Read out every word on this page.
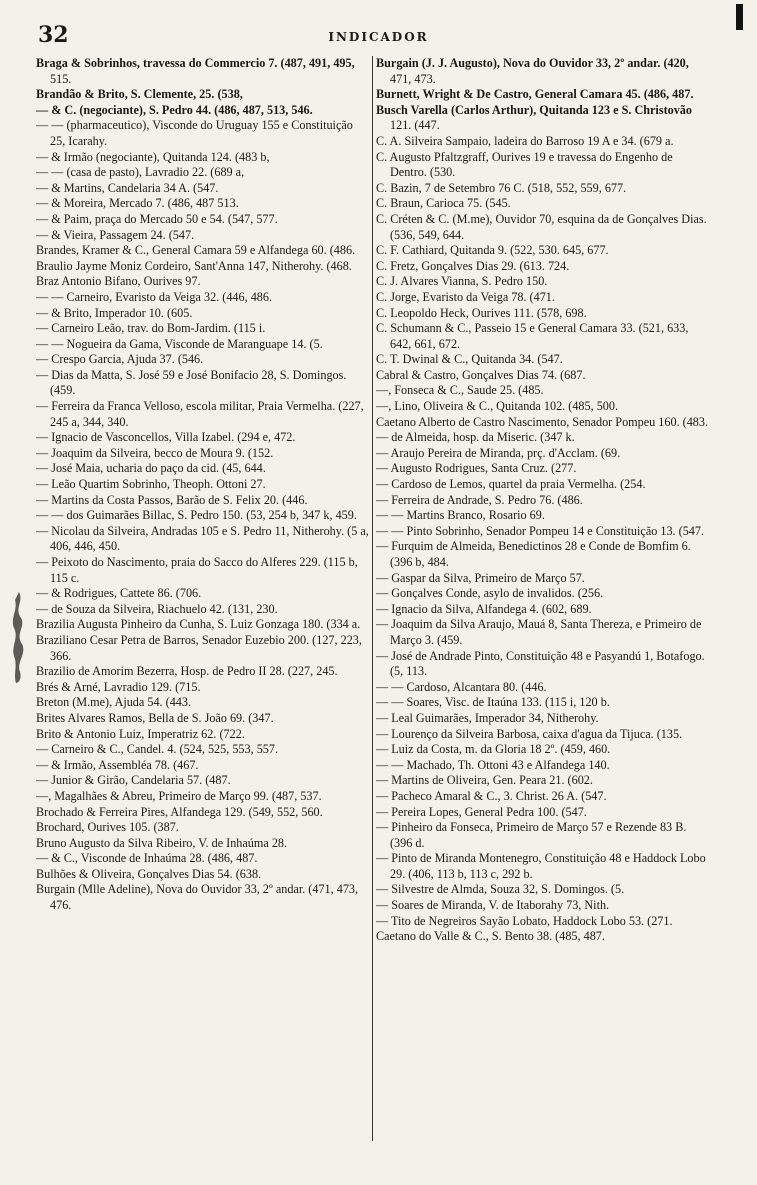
32	INDICADOR
Braga & Sobrinhos, travessa do Commercio 7. (487, 491, 495, 515.
Brandão & Brito, S. Clemente, 25. (538,
— & C. (negociante), S. Pedro 44. (486, 487, 513, 546.
— — (pharmaceutico), Visconde do Uruguay 155 e Constituição 25, Icarahy.
— & Irmão (negociante), Quitanda 124. (483 b,
— — (casa de pasto), Lavradio 22. (689 a,
— & Martins, Candelaria 34 A. (547.
— & Moreira, Mercado 7. (486, 487 513.
— & Paim, praça do Mercado 50 e 54. (547, 577.
— & Vieira, Passagem 24. (547.
Brandes, Kramer & C., General Camara 59 e Alfandega 60. (486.
Braulio Jayme Moniz Cordeiro, Sant'Anna 147, Nitherohy. (468.
Braz Antonio Bifano, Ourives 97.
— — Carneiro, Evaristo da Veiga 32. (446, 486.
— & Brito, Imperador 10. (605.
— Carneiro Leão, trav. do Bom-Jardim. (115 i.
— — Nogueira da Gama, Visconde de Maranguape 14. (5.
— Crespo Garcia, Ajuda 37. (546.
— Dias da Matta, S. José 59 e José Bonifacio 28, S. Domingos. (459.
— Ferreira da Franca Velloso, escola militar, Praia Vermelha. (227, 245 a, 344, 340.
— Ignacio de Vasconcellos, Villa Izabel. (294 e, 472.
— Joaquim da Silveira, becco de Moura 9. (152.
— José Maia, ucharia do paço da cid. (45, 644.
— Leão Quartim Sobrinho, Theoph. Ottoni 27.
— Martins da Costa Passos, Barão de S. Felix 20. (446.
— — dos Guimarães Billac, S. Pedro 150. (53, 254 b, 347 k, 459.
— Nicolau da Silveira, Andradas 105 e S. Pedro 11, Nitherohy. (5 a, 406, 446, 450.
— Peixoto do Nascimento, praia do Sacco do Alferes 229. (115 b, 115 c.
— & Rodrigues, Cattete 86. (706.
— de Souza da Silveira, Riachuelo 42. (131, 230.
Brazilia Augusta Pinheiro da Cunha, S. Luiz Gonzaga 180. (334 a.
Braziliano Cesar Petra de Barros, Senador Euzebio 200. (127, 223, 366.
Brazilio de Amorim Bezerra, Hosp. de Pedro II 28. (227, 245.
Brés & Arné, Lavradio 129. (715.
Breton (M.me), Ajuda 54. (443.
Brites Alvares Ramos, Bella de S. João 69. (347.
Brito & Antonio Luiz, Imperatriz 62. (722.
— Carneiro & C., Candel. 4. (524, 525, 553, 557.
— & Irmão, Assembléa 78. (467.
— Junior & Girão, Candelaria 57. (487.
—, Magalhães & Abreu, Primeiro de Março 99. (487, 537.
Brochado & Ferreira Pires, Alfandega 129. (549, 552, 560.
Brochard, Ourives 105. (387.
Bruno Augusto da Silva Ribeiro, V. de Inhaúma 28.
— & C., Visconde de Inhaúma 28. (486, 487.
Bulhões & Oliveira, Gonçalves Dias 54. (638.
Burgain (Mlle Adeline), Nova do Ouvidor 33, 2º andar. (471, 473, 476.
Burgain (J. J. Augusto), Nova do Ouvidor 33, 2º andar. (420, 471, 473.
Burnett, Wright & De Castro, General Camara 45. (486, 487.
Busch Varella (Carlos Arthur), Quitanda 123 e S. Christovão 121. (447.
C. A. Silveira Sampaio, ladeira do Barroso 19 A e 34. (679 a.
C. Augusto Pfaltzgraff, Ourives 19 e travessa do Engenho de Dentro. (530.
C. Bazin, 7 de Setembro 76 C. (518, 552, 559, 677.
C. Braun, Carioca 75. (545.
C. Créten & C. (M.me), Ouvidor 70, esquina da de Gonçalves Dias. (536, 549, 644.
C. F. Cathiard, Quitanda 9. (522, 530. 645, 677.
C. Fretz, Gonçalves Dias 29. (613. 724.
C. J. Alvares Vianna, S. Pedro 150.
C. Jorge, Evaristo da Veiga 78. (471.
C. Leopoldo Heck, Ourives 111. (578, 698.
C. Schumann & C., Passeio 15 e General Camara 33. (521, 633, 642, 661, 672.
C. T. Dwinal & C., Quitanda 34. (547.
Cabral & Castro, Gonçalves Dias 74. (687.
—, Fonseca & C., Saude 25. (485.
—, Lino, Oliveira & C., Quitanda 102. (485, 500.
Caetano Alberto de Castro Nascimento, Senador Pompeu 160. (483.
— de Almeida, hosp. da Miseric. (347 k.
— Araujo Pereira de Miranda, prç. d'Acclam. (69.
— Augusto Rodrigues, Santa Cruz. (277.
— Cardoso de Lemos, quartel da praia Vermelha. (254.
— Ferreira de Andrade, S. Pedro 76. (486.
— — Martins Branco, Rosario 69.
— — Pinto Sobrinho, Senador Pompeu 14 e Constituição 13. (547.
— Furquim de Almeida, Benedictinos 28 e Conde de Bomfim 6. (396 b, 484.
— Gaspar da Silva, Primeiro de Março 57.
— Gonçalves Conde, asylo de invalidos. (256.
— Ignacio da Silva, Alfandega 4. (602, 689.
— Joaquim da Silva Araujo, Mauá 8, Santa Thereza, e Primeiro de Março 3. (459.
— José de Andrade Pinto, Constituição 48 e Pasyandú 1, Botafogo. (5, 113.
— — Cardoso, Alcantara 80. (446.
— — Soares, Visc. de Itaúna 133. (115 i, 120 b.
— Leal Guimarães, Imperador 34, Nitherohy.
— Lourenço da Silveira Barbosa, caixa d'agua da Tijuca. (135.
— Luiz da Costa, m. da Gloria 18 2º. (459, 460.
— — Machado, Th. Ottoni 43 e Alfandega 140.
— Martins de Oliveira, Gen. Peara 21. (602.
— Pacheco Amaral & C., 3. Christ. 26 A. (547.
— Pereira Lopes, General Pedra 100. (547.
— Pinheiro da Fonseca, Primeiro de Março 57 e Rezende 83 B. (396 d.
— Pinto de Miranda Montenegro, Constituição 48 e Haddock Lobo 29. (406, 113 b, 113 c, 292 b.
— Silvestre de Almda, Souza 32, S. Domingos. (5.
— Soares de Miranda, V. de Itaborahy 73, Nith.
— Tito de Negreiros Sayão Lobato, Haddock Lobo 53. (271.
Caetano do Valle & C., S. Bento 38. (485, 487.
